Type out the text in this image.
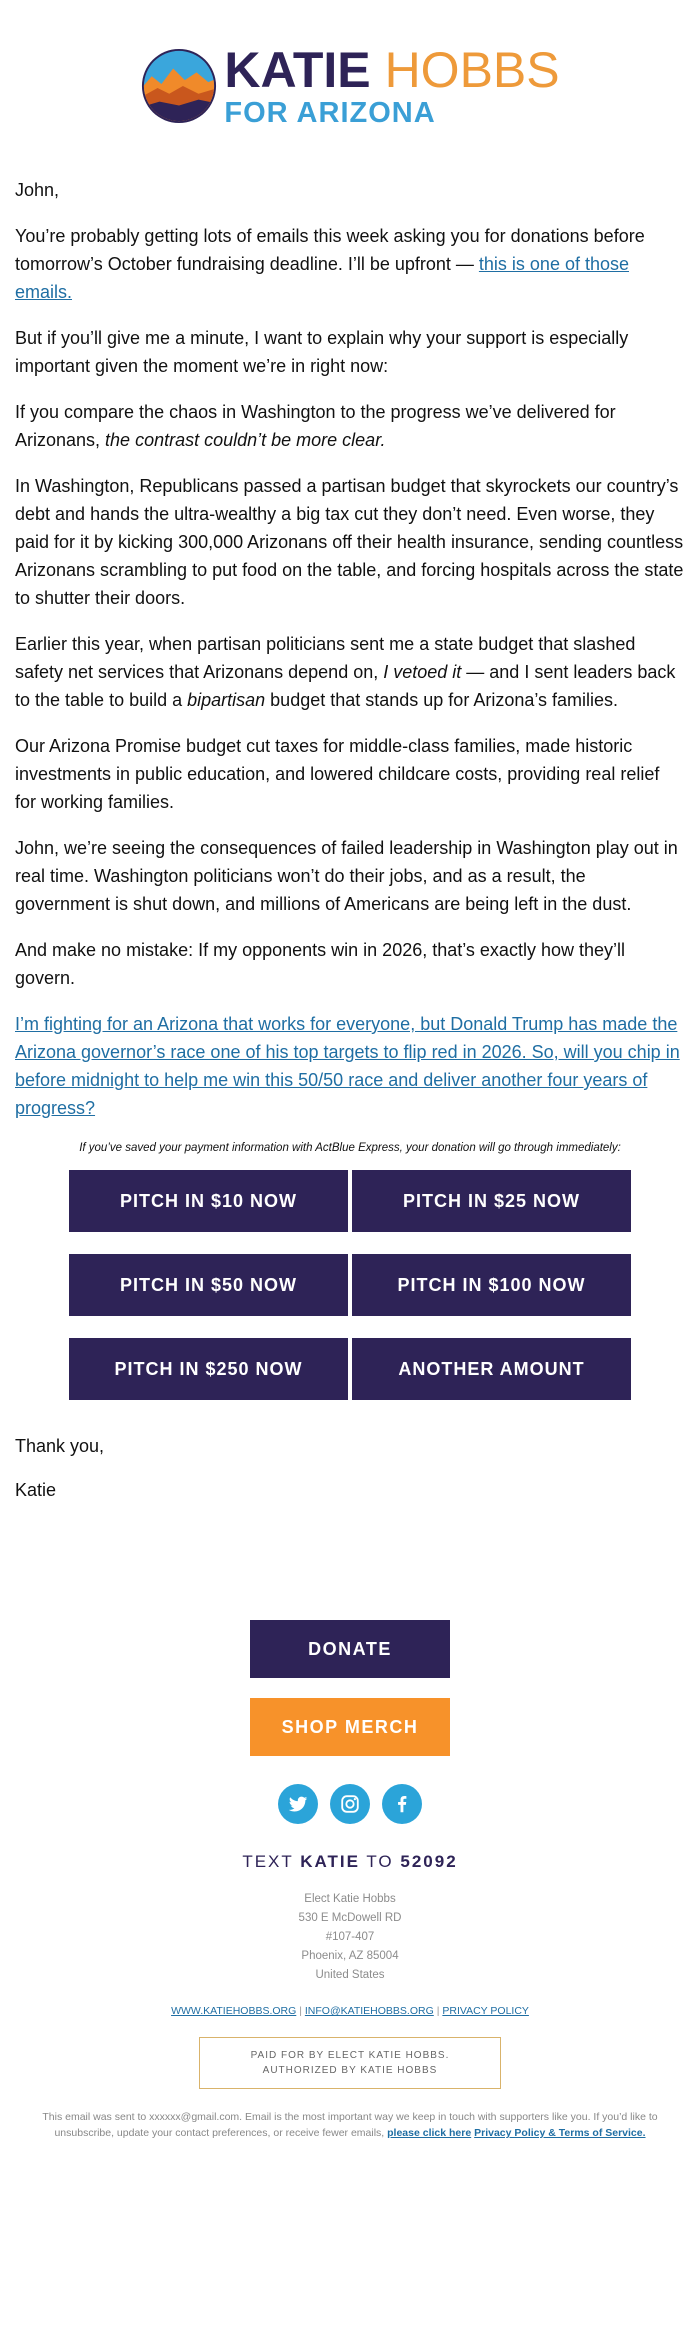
KATIE HOBBS
FOR ARIZONA

John,

You’re probably getting lots of emails this week asking you for donations before tomorrow’s October fundraising deadline. I’ll be upfront — this is one of those emails.

But if you’ll give me a minute, I want to explain why your support is especially important given the moment we’re in right now:

If you compare the chaos in Washington to the progress we’ve delivered for Arizonans, the contrast couldn’t be more clear.

In Washington, Republicans passed a partisan budget that skyrockets our country’s debt and hands the ultra-wealthy a big tax cut they don’t need. Even worse, they paid for it by kicking 300,000 Arizonans off their health insurance, sending countless Arizonans scrambling to put food on the table, and forcing hospitals across the state to shutter their doors.

Earlier this year, when partisan politicians sent me a state budget that slashed safety net services that Arizonans depend on, I vetoed it — and I sent leaders back to the table to build a bipartisan budget that stands up for Arizona’s families.

Our Arizona Promise budget cut taxes for middle-class families, made historic investments in public education, and lowered childcare costs, providing real relief for working families.

John, we’re seeing the consequences of failed leadership in Washington play out in real time. Washington politicians won’t do their jobs, and as a result, the government is shut down, and millions of Americans are being left in the dust.

And make no mistake: If my opponents win in 2026, that’s exactly how they’ll govern.

I’m fighting for an Arizona that works for everyone, but Donald Trump has made the Arizona governor’s race one of his top targets to flip red in 2026. So, will you chip in before midnight to help me win this 50/50 race and deliver another four years of progress?

If you’ve saved your payment information with ActBlue Express, your donation will go through immediately:
PITCH IN $10 NOW	PITCH IN $25 NOW
PITCH IN $50 NOW	PITCH IN $100 NOW
PITCH IN $250 NOW	ANOTHER AMOUNT

Thank you,

Katie

DONATE
SHOP MERCH
TEXT KATIE TO 52092
Elect Katie Hobbs
530 E McDowell RD
#107-407
Phoenix, AZ 85004
United States
WWW.KATIEHOBBS.ORG | INFO@KATIEHOBBS.ORG | PRIVACY POLICY
PAID FOR BY ELECT KATIE HOBBS.
AUTHORIZED BY KATIE HOBBS
This email was sent to xxxxxx@gmail.com. Email is the most important way we keep in touch with supporters like you. If you’d like to unsubscribe, update your contact preferences, or receive fewer emails, please click here Privacy Policy & Terms of Service.
